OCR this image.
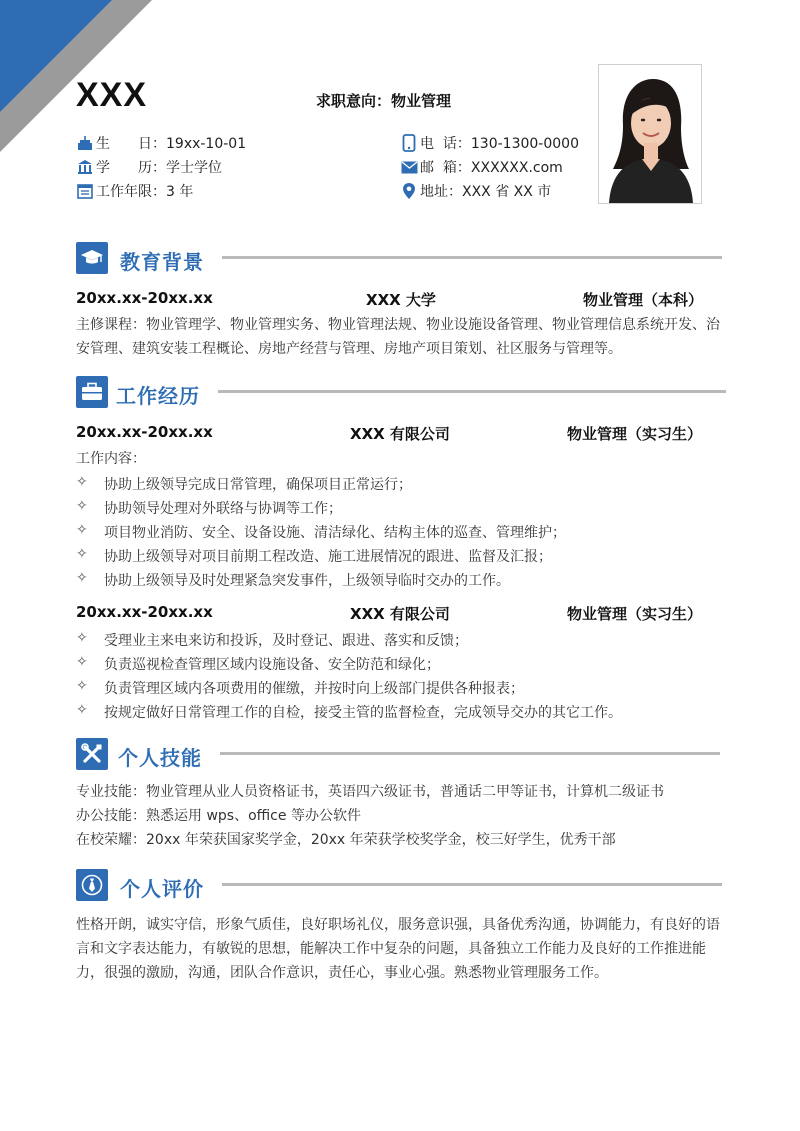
XXX	求职意向：物业管理
生　　日：19xx-10-01
学　　历：学士学位
工作年限：3 年
电  话：130-1300-0000
邮  箱：XXXXXX.com
地址：XXX 省 XX 市
教育背景
20xx.xx-20xx.xx	XXX 大学	物业管理（本科）
主修课程：物业管理学、物业管理实务、物业管理法规、物业设施设备管理、物业管理信息系统开发、治安管理、建筑安装工程概论、房地产经营与管理、房地产项目策划、社区服务与管理等。
工作经历
20xx.xx-20xx.xx	XXX 有限公司	物业管理（实习生）
工作内容：
✧	协助上级领导完成日常管理，确保项目正常运行；
✧	协助领导处理对外联络与协调等工作；
✧	项目物业消防、安全、设备设施、清洁绿化、结构主体的巡查、管理维护；
✧	协助上级领导对项目前期工程改造、施工进展情况的跟进、监督及汇报；
✧	协助上级领导及时处理紧急突发事件，上级领导临时交办的工作。
20xx.xx-20xx.xx	XXX 有限公司	物业管理（实习生）
✧	受理业主来电来访和投诉，及时登记、跟进、落实和反馈；
✧	负责巡视检查管理区域内设施设备、安全防范和绿化；
✧	负责管理区域内各项费用的催缴，并按时向上级部门提供各种报表；
✧	按规定做好日常管理工作的自检，接受主管的监督检查，完成领导交办的其它工作。
个人技能
专业技能：物业管理从业人员资格证书，英语四六级证书，普通话二甲等证书，计算机二级证书
办公技能：熟悉运用 wps、office 等办公软件
在校荣耀：20xx 年荣获国家奖学金，20xx 年荣获学校奖学金，校三好学生，优秀干部
个人评价
性格开朗，诚实守信，形象气质佳，良好职场礼仪，服务意识强，具备优秀沟通，协调能力，有良好的语言和文字表达能力，有敏锐的思想，能解决工作中复杂的问题，具备独立工作能力及良好的工作推进能力，很强的激励，沟通，团队合作意识，责任心，事业心强。熟悉物业管理服务工作。
